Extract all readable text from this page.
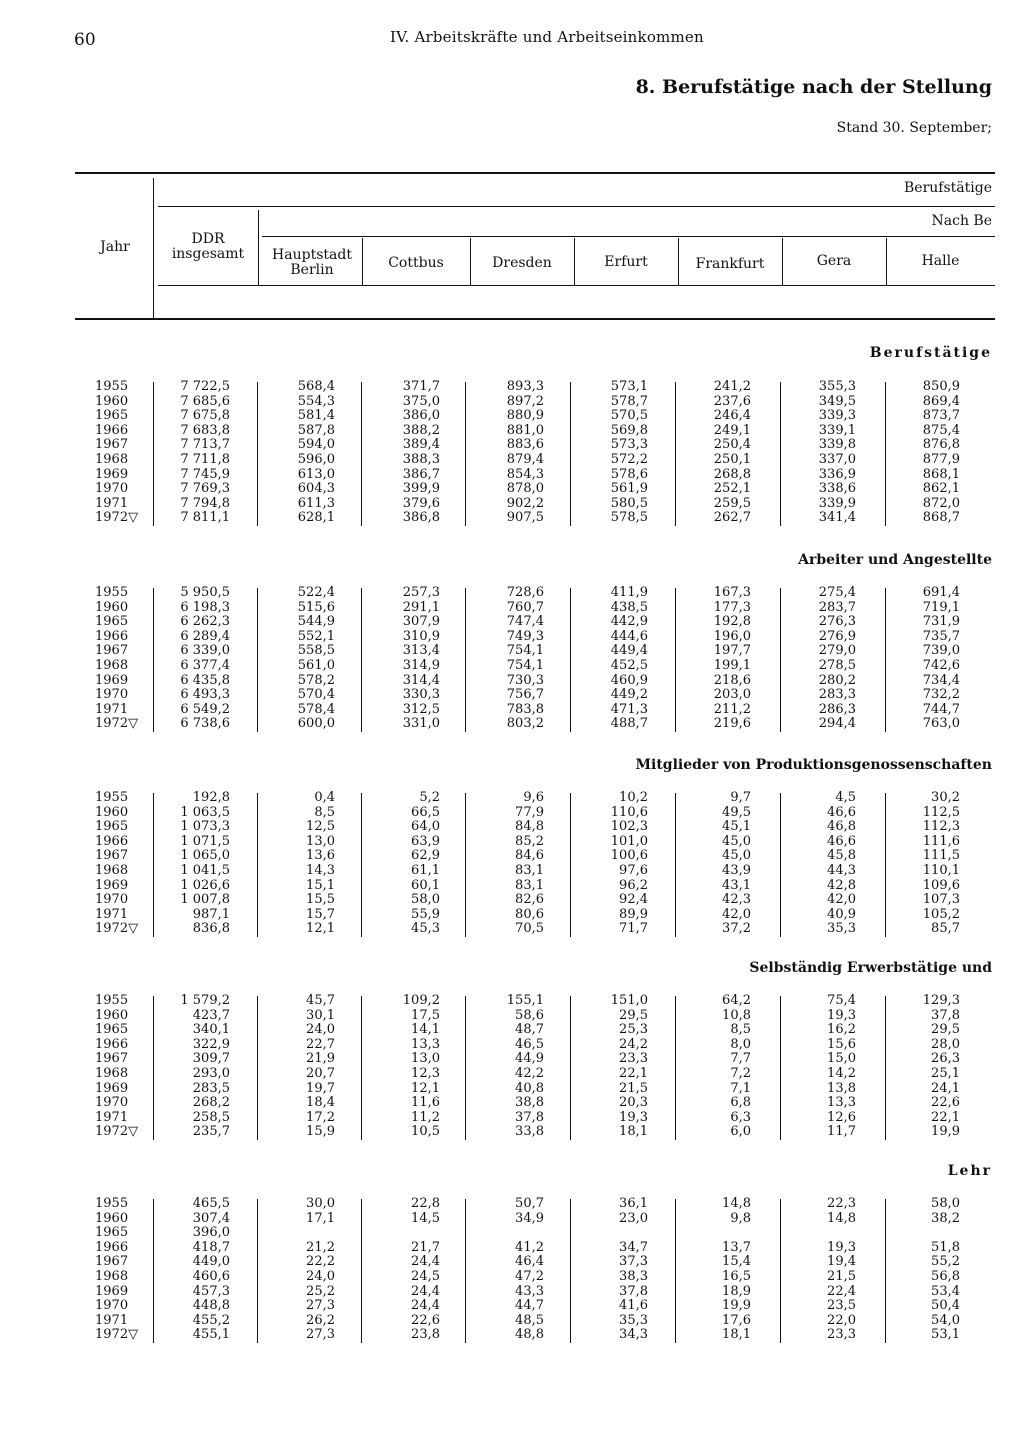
60	IV. Arbeitskräfte und Arbeitseinkommen
8. Berufstätige nach der Stellung
Stand 30. September;
Jahr	DDR
insgesamt
Berufstätige
Nach Be
Hauptstadt
Berlin	Cottbus	Dresden	Erfurt	Frankfurt	Gera	Halle
Berufstätige
1955	7 722,5	568,4	371,7	893,3	573,1	241,2	355,3	850,9
1960	7 685,6	554,3	375,0	897,2	578,7	237,6	349,5	869,4
1965	7 675,8	581,4	386,0	880,9	570,5	246,4	339,3	873,7
1966	7 683,8	587,8	388,2	881,0	569,8	249,1	339,1	875,4
1967	7 713,7	594,0	389,4	883,6	573,3	250,4	339,8	876,8
1968	7 711,8	596,0	388,3	879,4	572,2	250,1	337,0	877,9
1969	7 745,9	613,0	386,7	854,3	578,6	268,8	336,9	868,1
1970	7 769,3	604,3	399,9	878,0	561,9	252,1	338,6	862,1
1971	7 794,8	611,3	379,6	902,2	580,5	259,5	339,9	872,0
1972▽	7 811,1	628,1	386,8	907,5	578,5	262,7	341,4	868,7
Arbeiter und Angestellte
1955	5 950,5	522,4	257,3	728,6	411,9	167,3	275,4	691,4
1960	6 198,3	515,6	291,1	760,7	438,5	177,3	283,7	719,1
1965	6 262,3	544,9	307,9	747,4	442,9	192,8	276,3	731,9
1966	6 289,4	552,1	310,9	749,3	444,6	196,0	276,9	735,7
1967	6 339,0	558,5	313,4	754,1	449,4	197,7	279,0	739,0
1968	6 377,4	561,0	314,9	754,1	452,5	199,1	278,5	742,6
1969	6 435,8	578,2	314,4	730,3	460,9	218,6	280,2	734,4
1970	6 493,3	570,4	330,3	756,7	449,2	203,0	283,3	732,2
1971	6 549,2	578,4	312,5	783,8	471,3	211,2	286,3	744,7
1972▽	6 738,6	600,0	331,0	803,2	488,7	219,6	294,4	763,0
Mitglieder von Produktionsgenossenschaften
1955	192,8	0,4	5,2	9,6	10,2	9,7	4,5	30,2
1960	1 063,5	8,5	66,5	77,9	110,6	49,5	46,6	112,5
1965	1 073,3	12,5	64,0	84,8	102,3	45,1	46,8	112,3
1966	1 071,5	13,0	63,9	85,2	101,0	45,0	46,6	111,6
1967	1 065,0	13,6	62,9	84,6	100,6	45,0	45,8	111,5
1968	1 041,5	14,3	61,1	83,1	97,6	43,9	44,3	110,1
1969	1 026,6	15,1	60,1	83,1	96,2	43,1	42,8	109,6
1970	1 007,8	15,5	58,0	82,6	92,4	42,3	42,0	107,3
1971	987,1	15,7	55,9	80,6	89,9	42,0	40,9	105,2
1972▽	836,8	12,1	45,3	70,5	71,7	37,2	35,3	85,7
Selbständig Erwerbstätige und
1955	1 579,2	45,7	109,2	155,1	151,0	64,2	75,4	129,3
1960	423,7	30,1	17,5	58,6	29,5	10,8	19,3	37,8
1965	340,1	24,0	14,1	48,7	25,3	8,5	16,2	29,5
1966	322,9	22,7	13,3	46,5	24,2	8,0	15,6	28,0
1967	309,7	21,9	13,0	44,9	23,3	7,7	15,0	26,3
1968	293,0	20,7	12,3	42,2	22,1	7,2	14,2	25,1
1969	283,5	19,7	12,1	40,8	21,5	7,1	13,8	24,1
1970	268,2	18,4	11,6	38,8	20,3	6,8	13,3	22,6
1971	258,5	17,2	11,2	37,8	19,3	6,3	12,6	22,1
1972▽	235,7	15,9	10,5	33,8	18,1	6,0	11,7	19,9
Lehr
1955	465,5	30,0	22,8	50,7	36,1	14,8	22,3	58,0
1960	307,4	17,1	14,5	34,9	23,0	9,8	14,8	38,2
1965	396,0
1966	418,7	21,2	21,7	41,2	34,7	13,7	19,3	51,8
1967	449,0	22,2	24,4	46,4	37,3	15,4	19,4	55,2
1968	460,6	24,0	24,5	47,2	38,3	16,5	21,5	56,8
1969	457,3	25,2	24,4	43,3	37,8	18,9	22,4	53,4
1970	448,8	27,3	24,4	44,7	41,6	19,9	23,5	50,4
1971	455,2	26,2	22,6	48,5	35,3	17,6	22,0	54,0
1972▽	455,1	27,3	23,8	48,8	34,3	18,1	23,3	53,1
